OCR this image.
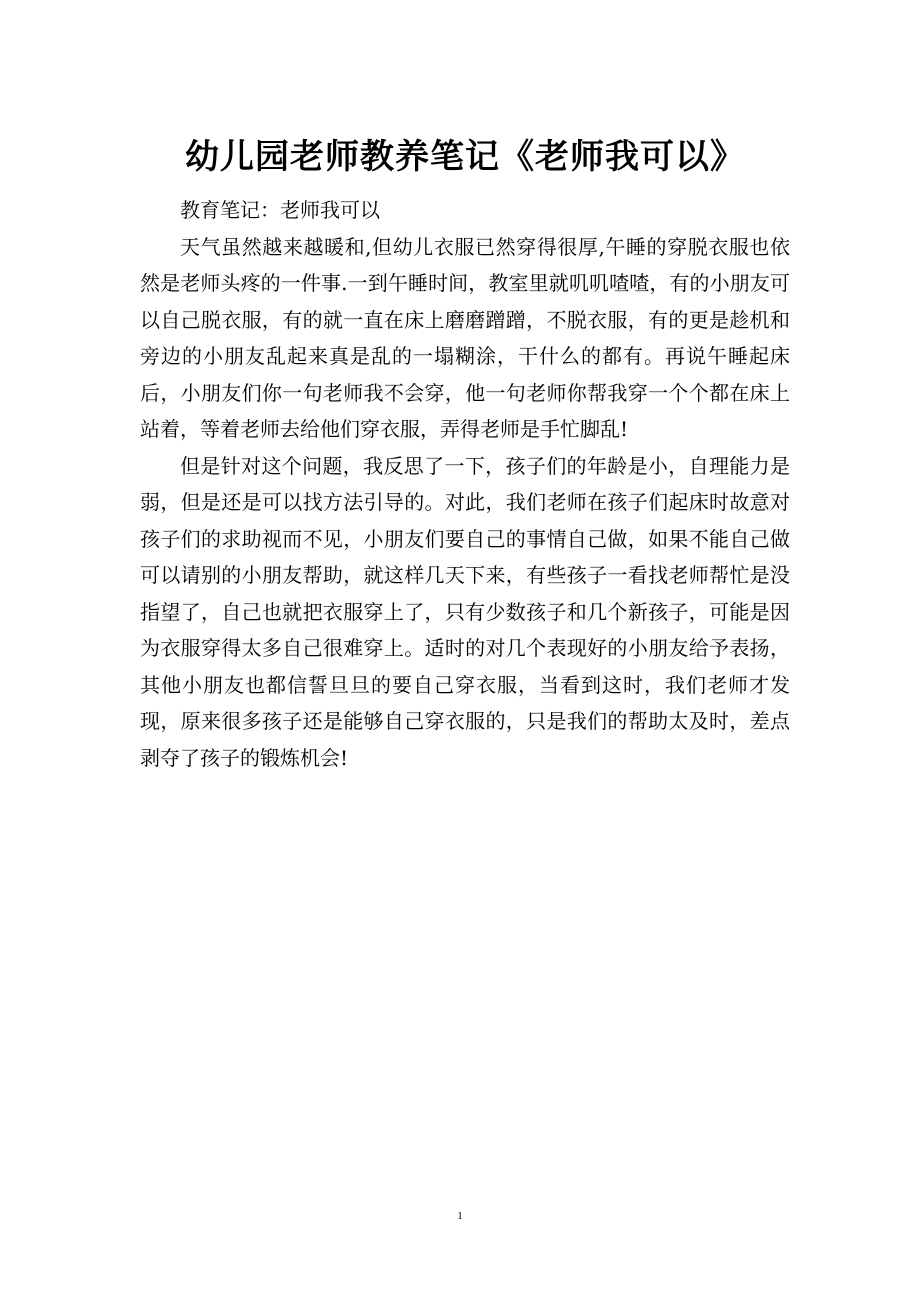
幼儿园老师教养笔记《老师我可以》

教育笔记：老师我可以

天气虽然越来越暖和,但幼儿衣服已然穿得很厚,午睡的穿脱衣服也依然是老师头疼的一件事.一到午睡时间，教室里就叽叽喳喳，有的小朋友可以自己脱衣服，有的就一直在床上磨磨蹭蹭，不脱衣服，有的更是趁机和旁边的小朋友乱起来真是乱的一塌糊涂，干什么的都有。再说午睡起床后，小朋友们你一句老师我不会穿，他一句老师你帮我穿一个个都在床上站着，等着老师去给他们穿衣服，弄得老师是手忙脚乱!

但是针对这个问题，我反思了一下，孩子们的年龄是小，自理能力是弱，但是还是可以找方法引导的。对此，我们老师在孩子们起床时故意对孩子们的求助视而不见，小朋友们要自己的事情自己做，如果不能自己做可以请别的小朋友帮助，就这样几天下来，有些孩子一看找老师帮忙是没指望了，自己也就把衣服穿上了，只有少数孩子和几个新孩子，可能是因为衣服穿得太多自己很难穿上。适时的对几个表现好的小朋友给予表扬，其他小朋友也都信誓旦旦的要自己穿衣服，当看到这时，我们老师才发现，原来很多孩子还是能够自己穿衣服的，只是我们的帮助太及时，差点剥夺了孩子的锻炼机会!

1
